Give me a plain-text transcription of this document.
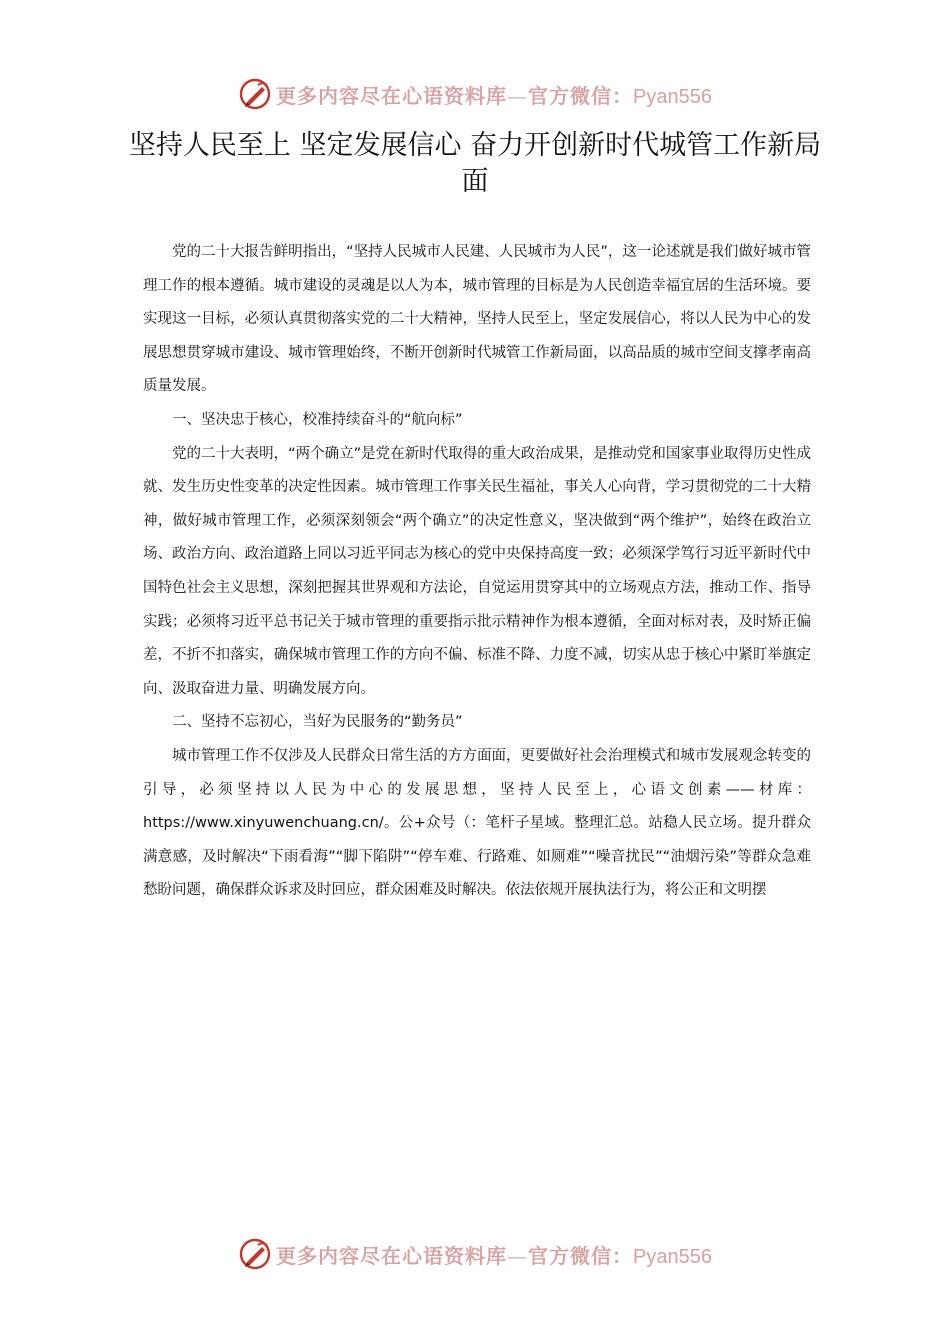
更多内容尽在心语资料库—官方微信：Pyan556
坚持人民至上 坚定发展信心 奋力开创新时代城管工作新局面

党的二十大报告鲜明指出，“坚持人民城市人民建、人民城市为人民”，这一论述就是我们做好城市管理工作的根本遵循。城市建设的灵魂是以人为本，城市管理的目标是为人民创造幸福宜居的生活环境。要实现这一目标，必须认真贯彻落实党的二十大精神，坚持人民至上，坚定发展信心，将以人民为中心的发展思想贯穿城市建设、城市管理始终，不断开创新时代城管工作新局面，以高品质的城市空间支撑孝南高质量发展。

一、坚决忠于核心，校准持续奋斗的“航向标”

党的二十大表明，“两个确立”是党在新时代取得的重大政治成果，是推动党和国家事业取得历史性成就、发生历史性变革的决定性因素。城市管理工作事关民生福祉，事关人心向背，学习贯彻党的二十大精神，做好城市管理工作，必须深刻领会“两个确立”的决定性意义，坚决做到“两个维护”，始终在政治立场、政治方向、政治道路上同以习近平同志为核心的党中央保持高度一致；必须深学笃行习近平新时代中国特色社会主义思想，深刻把握其世界观和方法论，自觉运用贯穿其中的立场观点方法，推动工作、指导实践；必须将习近平总书记关于城市管理的重要指示批示精神作为根本遵循，全面对标对表，及时矫正偏差，不折不扣落实，确保城市管理工作的方向不偏、标准不降、力度不减，切实从忠于核心中紧盯举旗定向、汲取奋进力量、明确发展方向。

二、坚持不忘初心，当好为民服务的“勤务员”

城市管理工作不仅涉及人民群众日常生活的方方面面，更要做好社会治理模式和城市发展观念转变的引导，必须坚持以人民为中心的发展思想，坚持人民至上，心语文创素——材库：https://www.xinyuwenchuang.cn/。公+众号（：笔杆子星域。整理汇总。站稳人民立场。提升群众满意感，及时解决“下雨看海”“脚下陷阱”“停车难、行路难、如厕难”“噪音扰民”“油烟污染”等群众急难愁盼问题，确保群众诉求及时回应，群众困难及时解决。依法依规开展执法行为，将公正和文明摆

更多内容尽在心语资料库—官方微信：Pyan556
